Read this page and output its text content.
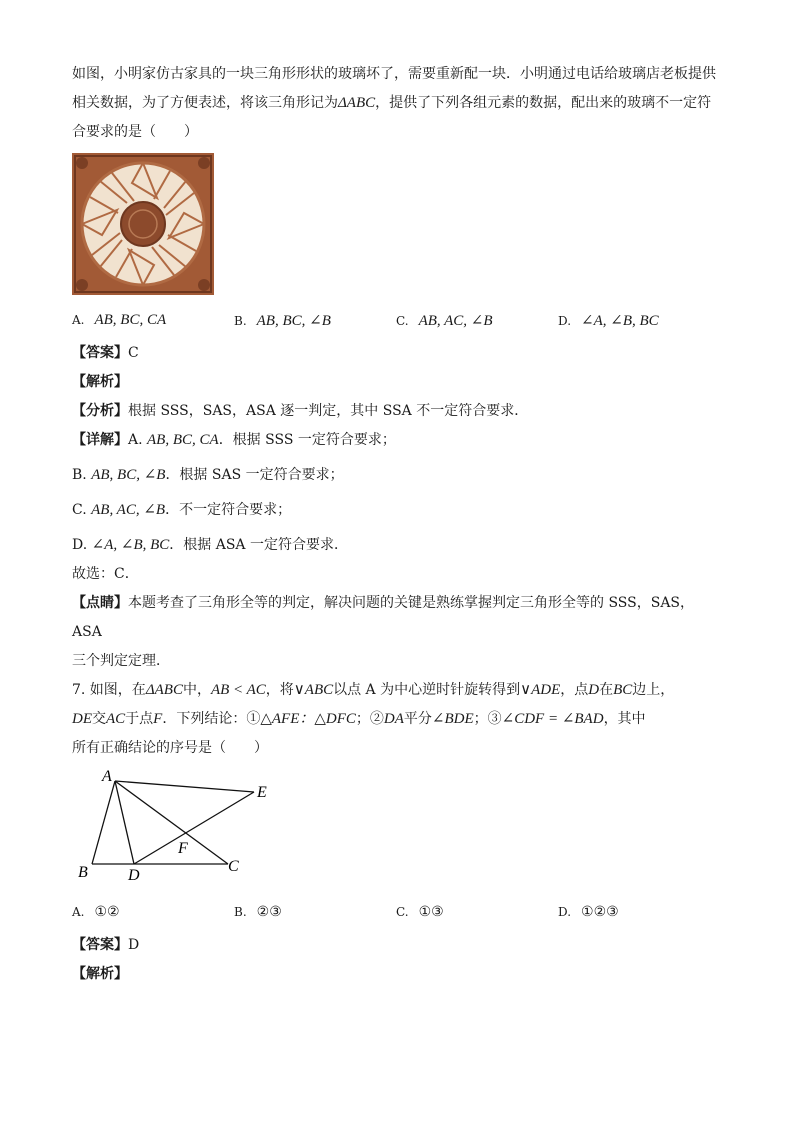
如图，小明家仿古家具的一块三角形形状的玻璃坏了，需要重新配一块．小明通过电话给玻璃店老板提供

相关数据，为了方便表述，将该三角形记为ΔABC，提供了下列各组元素的数据，配出来的玻璃不一定符

合要求的是（　　）

A. AB, BC, CA	B. AB, BC, ∠B	C. AB, AC, ∠B	D. ∠A, ∠B, BC

【答案】C

【解析】

【分析】根据 SSS，SAS，ASA 逐一判定，其中 SSA 不一定符合要求．

【详解】A. AB, BC, CA．根据 SSS 一定符合要求；

B. AB, BC, ∠B．根据 SAS 一定符合要求；

C. AB, AC, ∠B．不一定符合要求；

D. ∠A, ∠B, BC．根据 ASA 一定符合要求．

故选：C．

【点睛】本题考查了三角形全等的判定，解决问题的关键是熟练掌握判定三角形全等的 SSS，SAS，ASA

三个判定定理．

7. 如图，在ΔABC中，AB < AC，将∨ABC以点 A 为中心逆时针旋转得到∨ADE，点D在BC边上，

DE交AC于点F．下列结论：①△AFE：△DFC；②DA平分∠BDE；③∠CDF = ∠BAD，其中

所有正确结论的序号是（　　）

A
B	D
F
C
E
A. ①②	B. ②③	C. ①③	D. ①②③

【答案】D

【解析】
